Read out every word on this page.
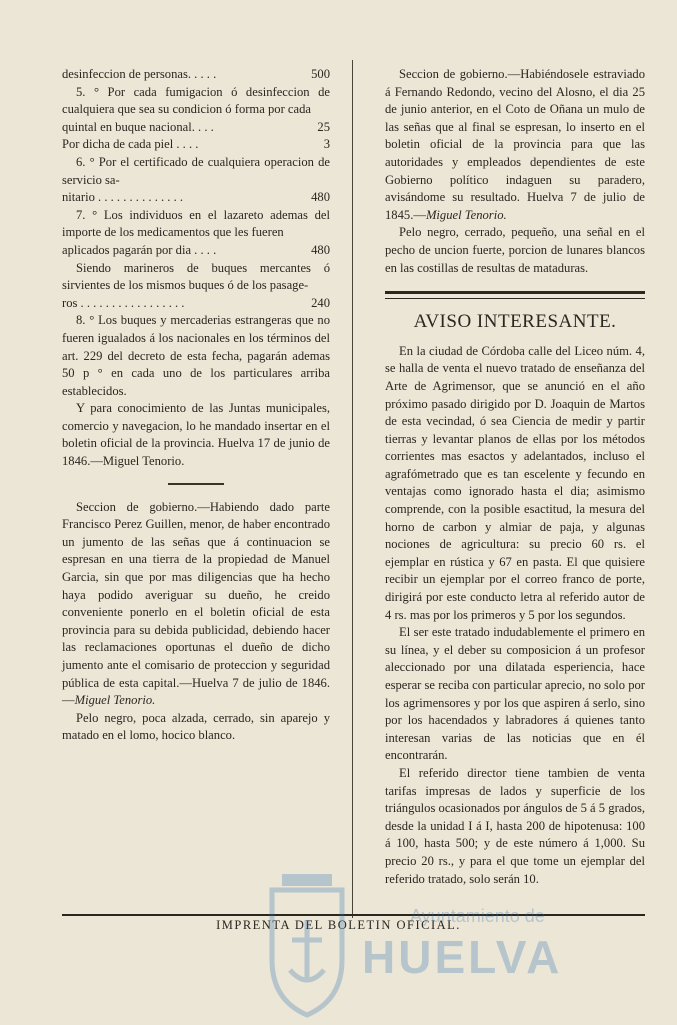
desinfeccion de personas. . . . .	500

5. ° Por cada fumigacion ó desinfeccion de cualquiera que sea su condicion ó forma por cada

quintal en buque nacional. . . .	25
Por dicha de cada piel . . . .	3

6. ° Por el certificado de cualquiera operacion de servicio sa-

nitario . . . . . . . . . . . . . .	480

7. ° Los individuos en el lazareto ademas del importe de los medicamentos que les fueren

aplicados pagarán por dia . . . .	480

Siendo marineros de buques mercantes ó sirvientes de los mismos buques ó de los pasage-

ros . . . . . . . . . . . . . . . . .	240

8. ° Los buques y mercaderias estrangeras que no fueren igualados á los nacionales en los términos del art. 229 del decreto de esta fecha, pagarán ademas 50 p ° en cada uno de los particulares arriba establecidos.

Y para conocimiento de las Juntas municipales, comercio y navegacion, lo he mandado insertar en el boletin oficial de la provincia. Huelva 17 de junio de 1846.—Miguel Tenorio.

Seccion de gobierno.—Habiendo dado parte Francisco Perez Guillen, menor, de haber encontrado un jumento de las señas que á continuacion se espresan en una tierra de la propiedad de Manuel Garcia, sin que por mas diligencias que ha hecho haya podido averiguar su dueño, he creido conveniente ponerlo en el boletin oficial de esta provincia para su debida publicidad, debiendo hacer las reclamaciones oportunas el dueño de dicho jumento ante el comisario de proteccion y seguridad pública de esta capital.—Huelva 7 de julio de 1846.—Miguel Tenorio.

Pelo negro, poca alzada, cerrado, sin aparejo y matado en el lomo, hocico blanco.

Seccion de gobierno.—Habiéndosele estraviado á Fernando Redondo, vecino del Alosno, el dia 25 de junio anterior, en el Coto de Oñana un mulo de las señas que al final se espresan, lo inserto en el boletin oficial de la provincia para que las autoridades y empleados dependientes de este Gobierno político indaguen su paradero, avisándome su resultado. Huelva 7 de julio de 1845.—Miguel Tenorio.

Pelo negro, cerrado, pequeño, una señal en el pecho de uncion fuerte, porcion de lunares blancos en las costillas de resultas de mataduras.

AVISO INTERESANTE.

En la ciudad de Córdoba calle del Liceo núm. 4, se halla de venta el nuevo tratado de enseñanza del Arte de Agrimensor, que se anunció en el año próximo pasado dirigido por D. Joaquin de Martos de esta vecindad, ó sea Ciencia de medir y partir tierras y levantar planos de ellas por los métodos corrientes mas esactos y adelantados, incluso el agrafómetrado que es tan escelente y fecundo en ventajas como ignorado hasta el dia; asimismo comprende, con la posible esactitud, la mesura del horno de carbon y almiar de paja, y algunas nociones de agricultura: su precio 60 rs. el ejemplar en rústica y 67 en pasta. El que quisiere recibir un ejemplar por el correo franco de porte, dirigirá por este conducto letra al referido autor de 4 rs. mas por los primeros y 5 por los segundos.

El ser este tratado indudablemente el primero en su línea, y el deber su composicion á un profesor aleccionado por una dilatada esperiencia, hace esperar se reciba con particular aprecio, no solo por los agrimensores y por los que aspiren á serlo, sino por los hacendados y labradores á quienes tanto interesan varias de las noticias que en él encontrarán.

El referido director tiene tambien de venta tarifas impresas de lados y superficie de los triángulos ocasionados por ángulos de 5 á 5 grados, desde la unidad I á I, hasta 200 de hipotenusa: 100 á 100, hasta 500; y de este número á 1,000. Su precio 20 rs., y para el que tome un ejemplar del referido tratado, solo serán 10.

IMPRENTA DEL BOLETIN OFICIAL.
Ayuntamiento de
HUELVA
